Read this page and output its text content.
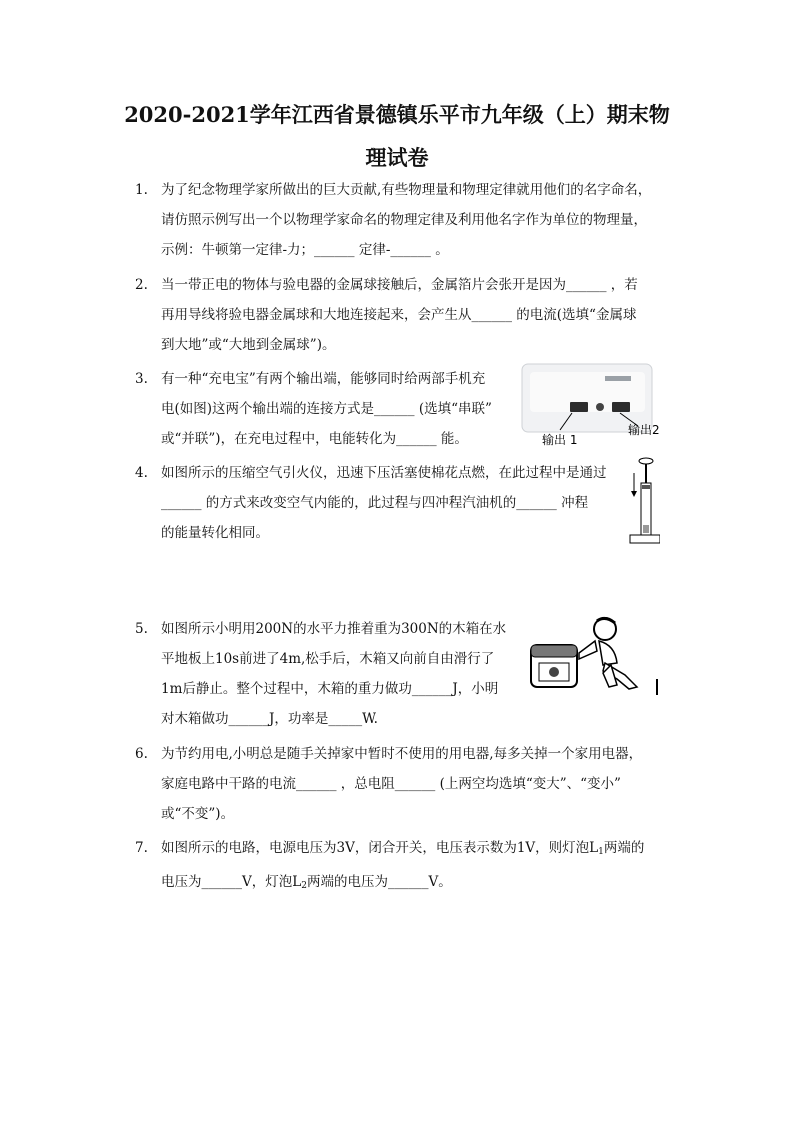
2020-2021学年江西省景德镇乐平市九年级（上）期末物
理试卷
1. 为了纪念物理学家所做出的巨大贡献,有些物理量和物理定律就用他们的名字命名，
请仿照示例写出一个以物理学家命名的物理定律及利用他名字作为单位的物理量，
示例：牛顿第一定律-力；______ 定律-______ 。
2. 当一带正电的物体与验电器的金属球接触后，金属箔片会张开是因为______ ，若
再用导线将验电器金属球和大地连接起来，会产生从______ 的电流(选填“金属球
到大地”或“大地到金属球”)。
3. 有一种“充电宝”有两个输出端，能够同时给两部手机充
电(如图)这两个输出端的连接方式是______ (选填“串联”
或“并联”)，在充电过程中，电能转化为______ 能。	输出 1
输出2
4. 如图所示的压缩空气引火仪，迅速下压活塞使棉花点燃，在此过程中是通过
______ 的方式来改变空气内能的，此过程与四冲程汽油机的______ 冲程
的能量转化相同。
5. 如图所示小明用200N的水平力推着重为300N的木箱在水
平地板上10s前进了4m,松手后，木箱又向前自由滑行了
1m后静止。整个过程中，木箱的重力做功______J，小明
对木箱做功______J，功率是_____W.
6. 为节约用电,小明总是随手关掉家中暂时不使用的用电器,每多关掉一个家用电器，
家庭电路中干路的电流______ ，总电阻______ (上两空均选填“变大”、“变小”
或“不变”)。
7. 如图所示的电路，电源电压为3V，闭合开关，电压表示数为1V，则灯泡$L_1$两端的
电压为______V，灯泡$L_2$两端的电压为______V。
